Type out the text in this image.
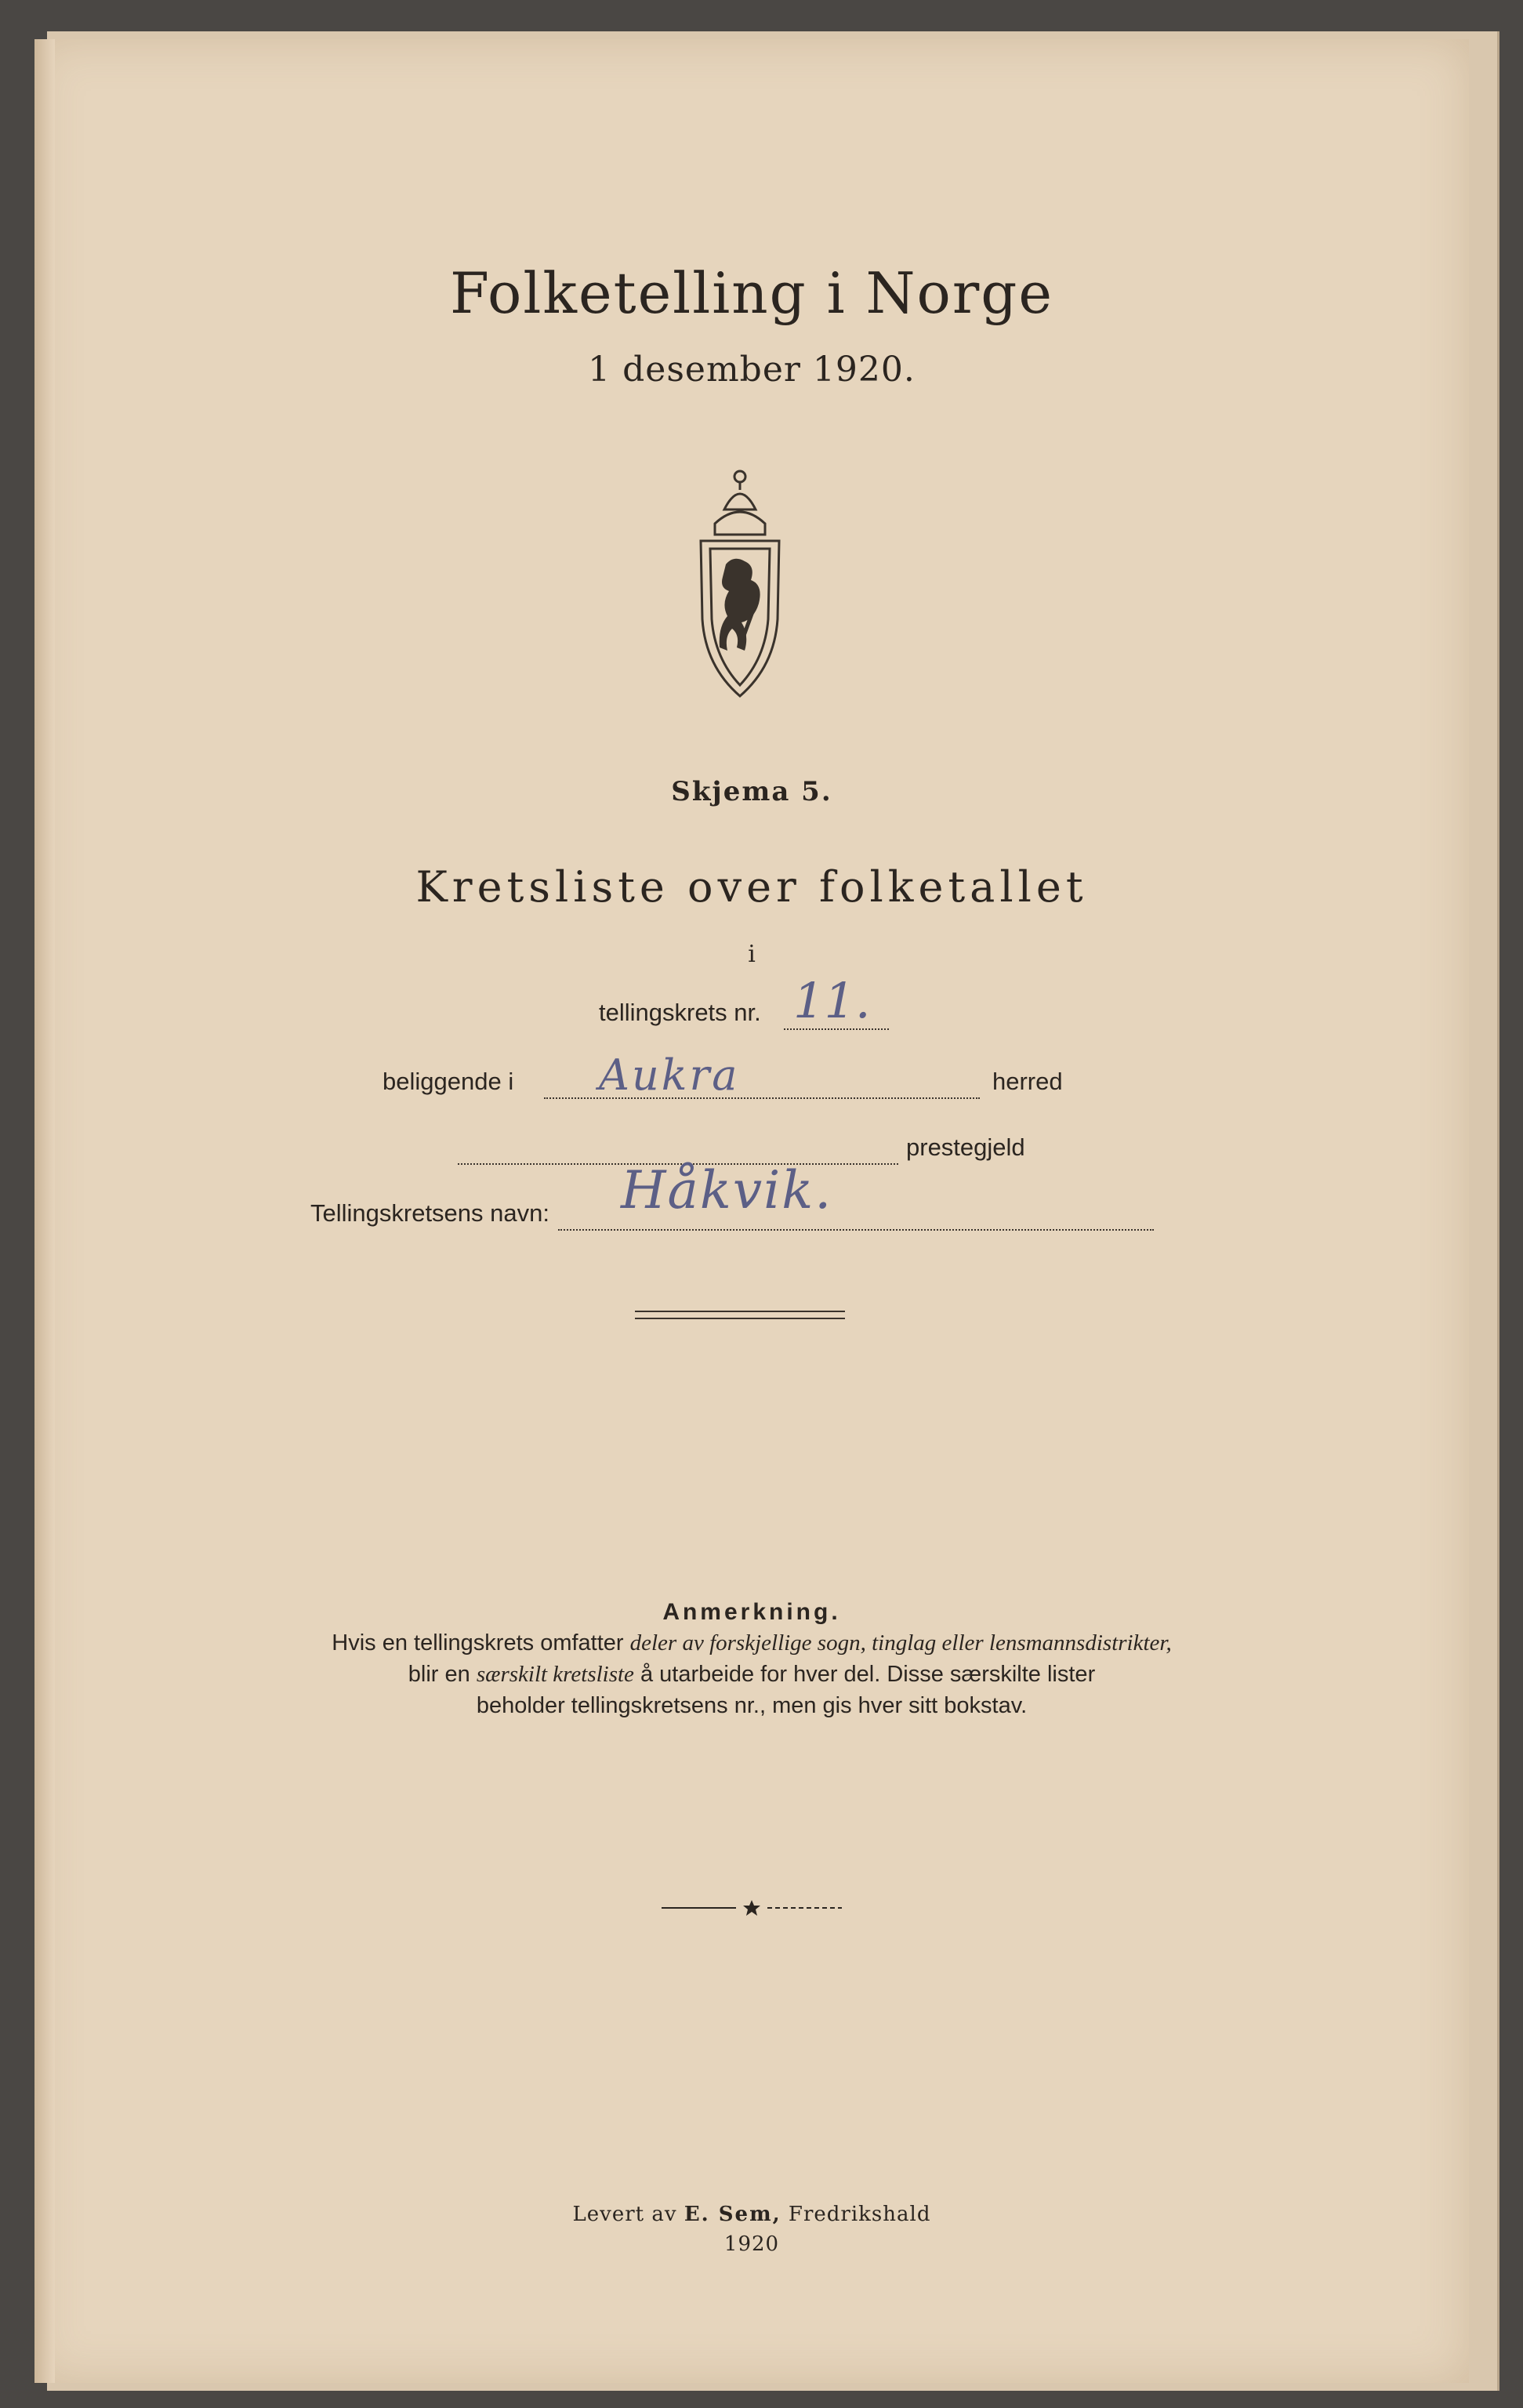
Folketelling i Norge
1 desember 1920.
Skjema 5.
Kretsliste over folketallet
i
tellingskrets nr. 11.
beliggende i Aukra	herred
prestegjeld
Tellingskretsens navn: Håkvik.
Anmerkning.
Hvis en tellingskrets omfatter deler av forskjellige sogn, tinglag eller lensmannsdistrikter,
blir en særskilt kretsliste å utarbeide for hver del. Disse særskilte lister
beholder tellingskretsens nr., men gis hver sitt bokstav.
Levert av E. Sem, Fredrikshald
1920
